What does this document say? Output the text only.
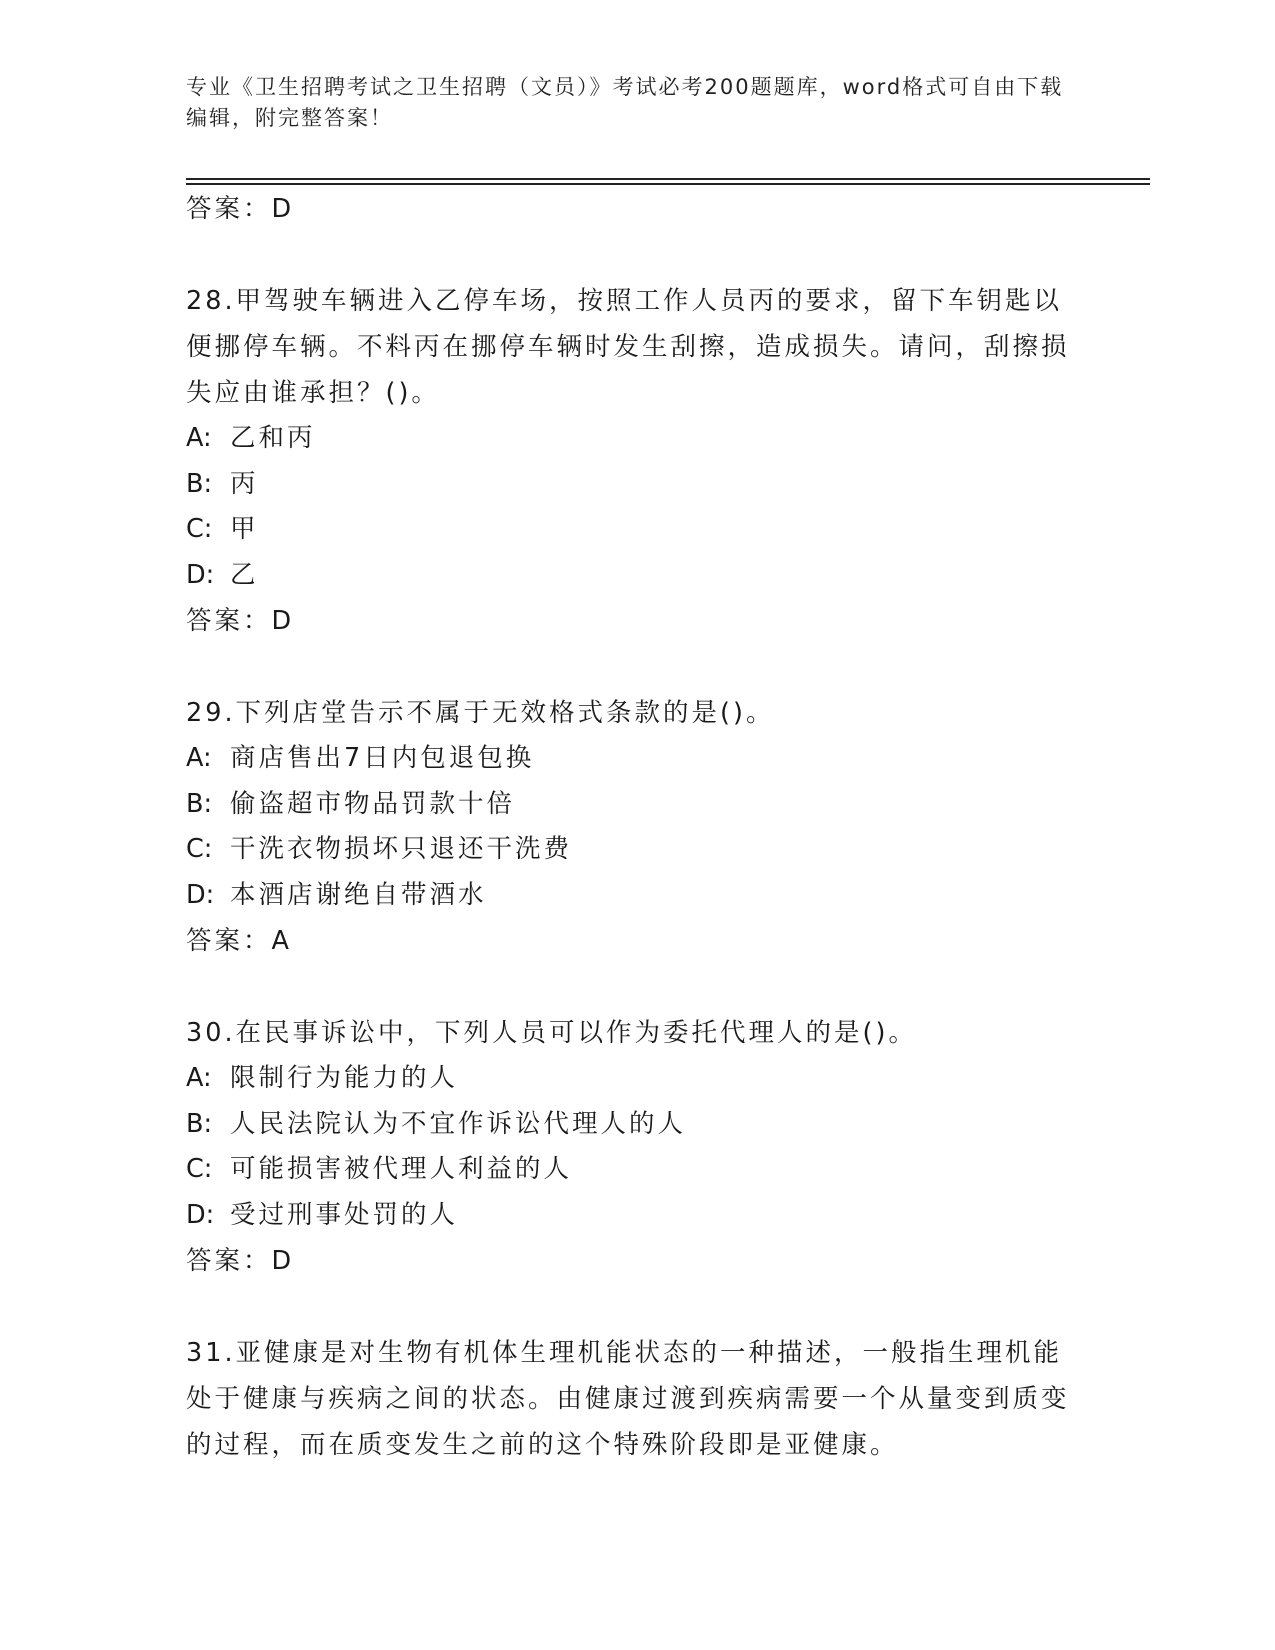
专业《卫生招聘考试之卫生招聘（文员）》考试必考200题题库，word格式可自由下载编辑，附完整答案！
答案：D
28.甲驾驶车辆进入乙停车场，按照工作人员丙的要求，留下车钥匙以便挪停车辆。不料丙在挪停车辆时发生刮擦，造成损失。请问，刮擦损失应由谁承担？()。
A: 乙和丙
B: 丙
C: 甲
D: 乙
答案：D
29.下列店堂告示不属于无效格式条款的是()。
A: 商店售出7日内包退包换
B: 偷盗超市物品罚款十倍
C: 干洗衣物损坏只退还干洗费
D: 本酒店谢绝自带酒水
答案：A
30.在民事诉讼中，下列人员可以作为委托代理人的是()。
A: 限制行为能力的人
B: 人民法院认为不宜作诉讼代理人的人
C: 可能损害被代理人利益的人
D: 受过刑事处罚的人
答案：D
31.亚健康是对生物有机体生理机能状态的一种描述，一般指生理机能处于健康与疾病之间的状态。由健康过渡到疾病需要一个从量变到质变的过程，而在质变发生之前的这个特殊阶段即是亚健康。
